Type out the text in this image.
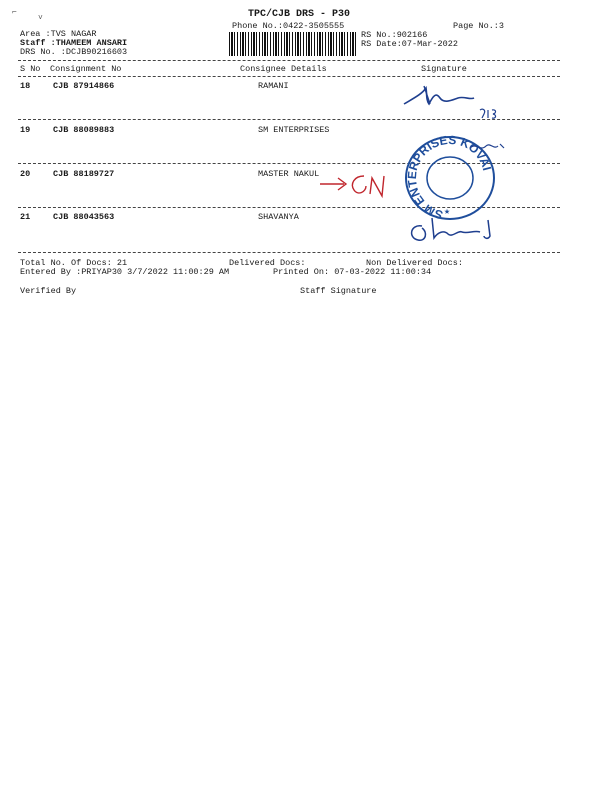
⌐
˅	TPC/CJB DRS - P30
Phone No.:0422-3505555	Page No.:3
Area :TVS NAGAR
Staff :THAMEEM ANSARI
DRS No. :DCJB90216603
RS No.:902166
RS Date:07-Mar-2022
S No Consignment No	Consignee Details	Signature
18	CJB 87914866	RAMANI
19	CJB 88089883	SM ENTERPRISES
20	CJB 88189727	MASTER NAKUL
21	CJB 88043563	SHAVANYA
Total No. Of Docs: 21	Delivered Docs:	Non Delivered Docs:
Entered By :PRIYAP30 3/7/2022 11:00:29 AM	Printed On: 07-03-2022 11:00:34
Verified By	Staff Signature
SM ENTERPRISES KOVAI
★
